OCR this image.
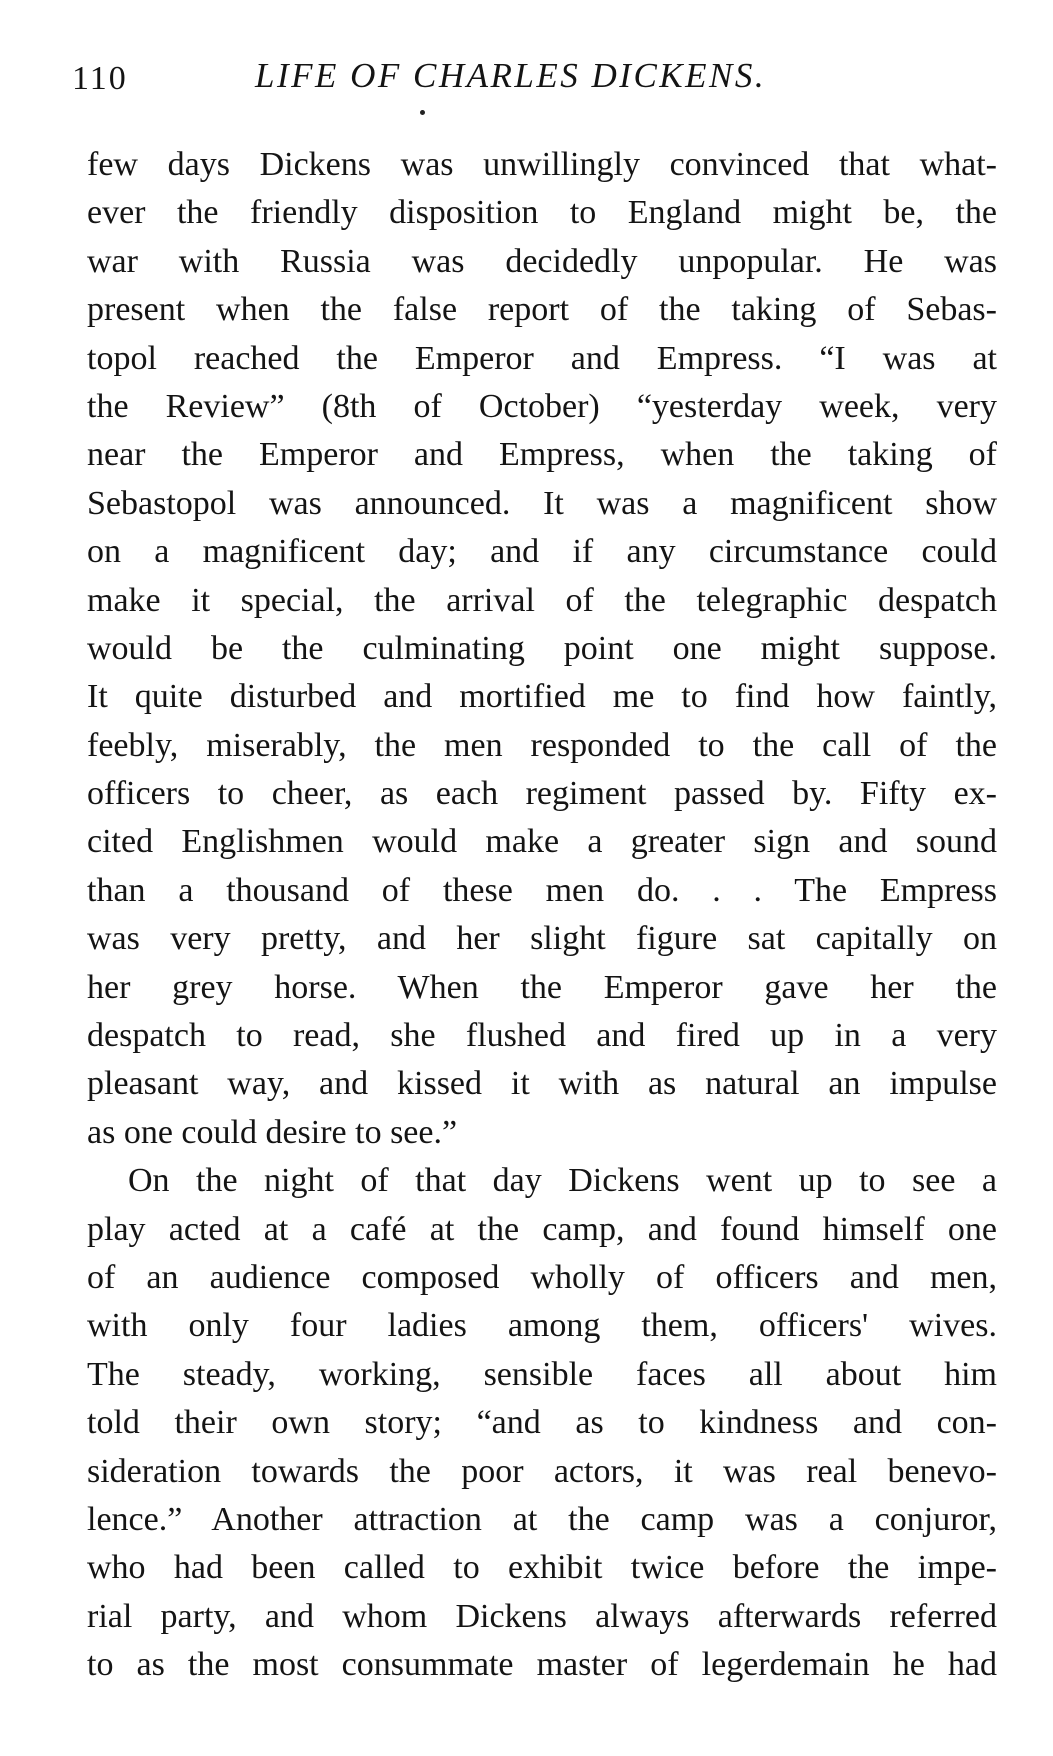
110	LIFE OF CHARLES DICKENS.
few days Dickens was unwillingly convinced that what-
ever the friendly disposition to England might be, the
war with Russia was decidedly unpopular. He was
present when the false report of the taking of Sebas-
topol reached the Emperor and Empress. “I was at
the Review” (8th of October) “yesterday week, very
near the Emperor and Empress, when the taking of
Sebastopol was announced. It was a magnificent show
on a magnificent day; and if any circumstance could
make it special, the arrival of the telegraphic despatch
would be the culminating point one might suppose.
It quite disturbed and mortified me to find how faintly,
feebly, miserably, the men responded to the call of the
officers to cheer, as each regiment passed by. Fifty ex-
cited Englishmen would make a greater sign and sound
than a thousand of these men do. . . The Empress
was very pretty, and her slight figure sat capitally on
her grey horse. When the Emperor gave her the
despatch to read, she flushed and fired up in a very
pleasant way, and kissed it with as natural an impulse
as one could desire to see.”
On the night of that day Dickens went up to see a
play acted at a café at the camp, and found himself one
of an audience composed wholly of officers and men,
with only four ladies among them, officers' wives.
The steady, working, sensible faces all about him
told their own story; “and as to kindness and con-
sideration towards the poor actors, it was real benevo-
lence.” Another attraction at the camp was a conjuror,
who had been called to exhibit twice before the impe-
rial party, and whom Dickens always afterwards referred
to as the most consummate master of legerdemain he had
